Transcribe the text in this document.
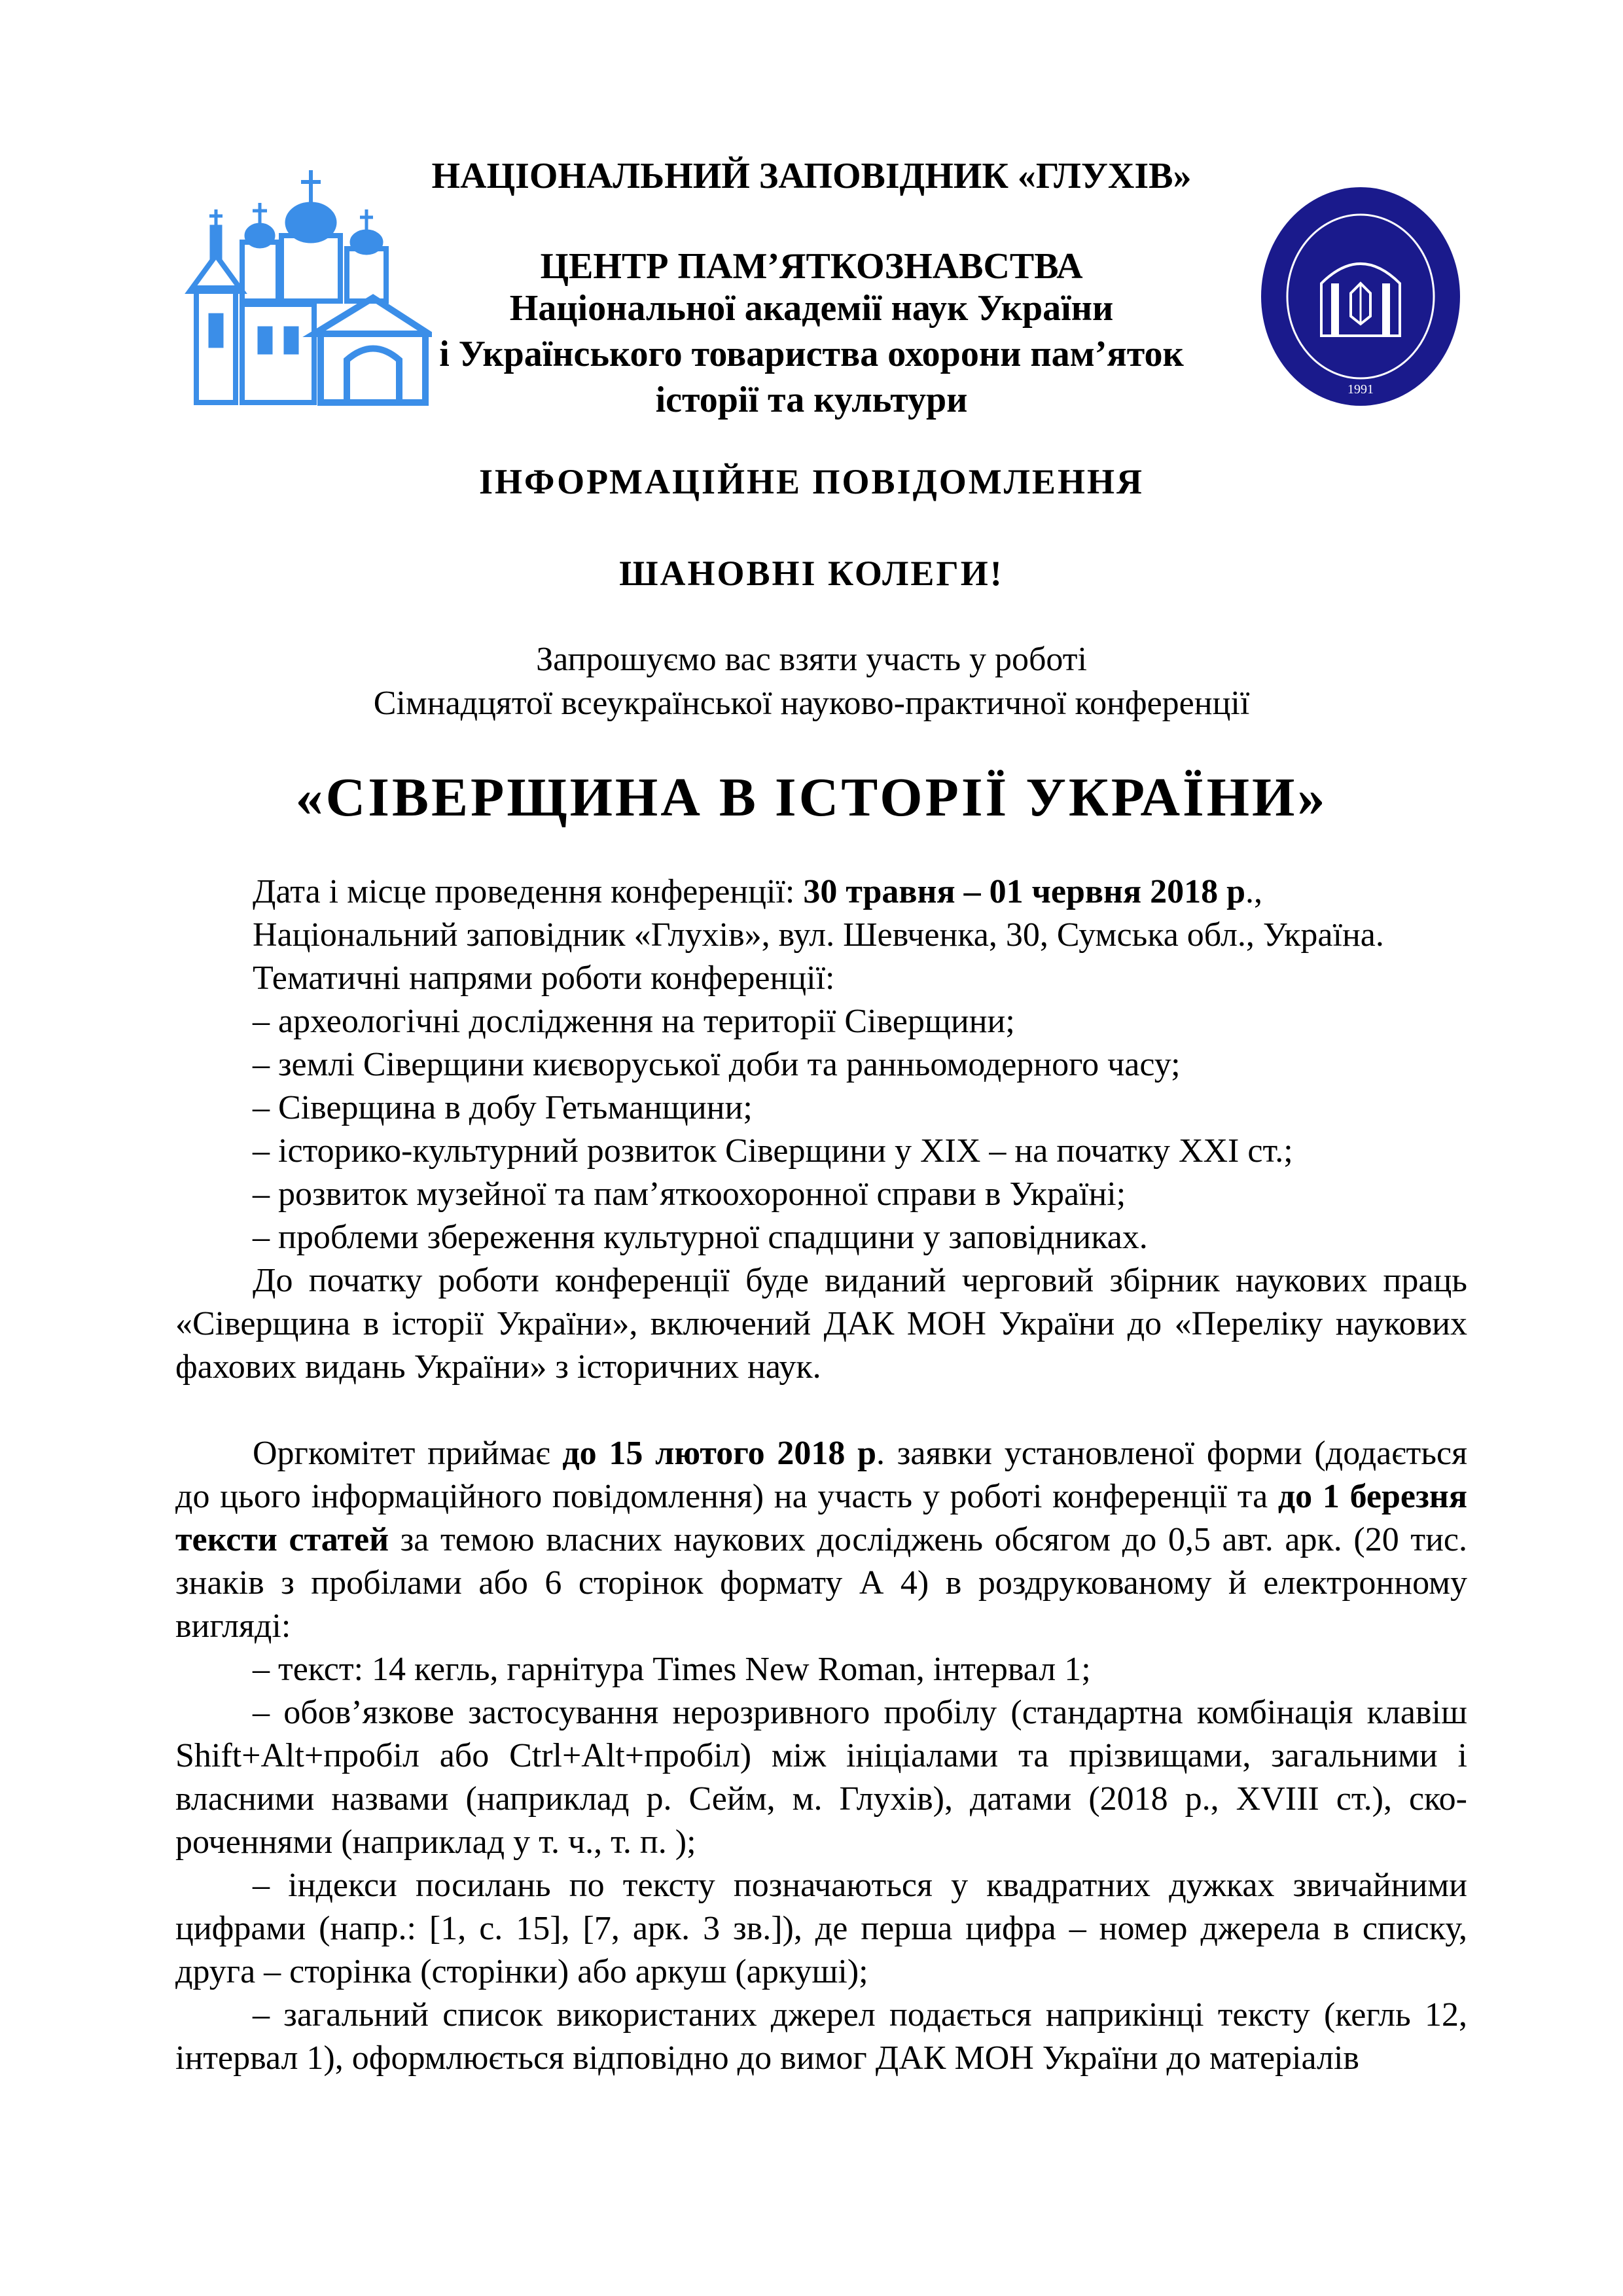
1991
НАЦІОНАЛЬНИЙ ЗАПОВІДНИК «ГЛУХІВ»
ЦЕНТР ПАМ’ЯТКОЗНАВСТВА
Національної академії наук України
і Українського товариства охорони пам’яток
історії та культури
ІНФОРМАЦІЙНЕ ПОВІДОМЛЕННЯ
ШАНОВНІ КОЛЕГИ!
Запрошуємо вас взяти участь у роботі
Сімнадцятої всеукраїнської науково-практичної конференції
«СІВЕРЩИНА В ІСТОРІЇ УКРАЇНИ»

Дата і місце проведення конференції: 30 травня – 01 червня 2018 р.,

Національний заповідник «Глухів», вул. Шевченка, 30, Сумська обл., Україна.

Тематичні напрями роботи конференції:

– археологічні дослідження на території Сіверщини;

– землі Сіверщини києворуської доби та ранньомодерного часу;

– Сіверщина в добу Гетьманщини;

– історико-культурний розвиток Сіверщини у ХІХ – на початку ХХІ ст.;

– розвиток музейної та пам’яткоохоронної справи в Україні;

– проблеми збереження культурної спадщини у заповідниках.

До початку роботи конференції буде виданий черговий збірник наукових праць «Сіверщина в історії України», включений ДАК МОН України до «Переліку наукових фахових видань України» з історичних наук.

Оргкомітет приймає до 15 лютого 2018 р. заявки установленої форми (додається до цього інформаційного повідомлення) на участь у роботі конференції та до 1 березня тексти статей за темою власних наукових досліджень обсягом до 0,5 авт. арк. (20 тис. знаків з пробілами або 6 сторінок формату А 4) в роздрукованому й електронному вигляді:

– текст: 14 кегль, гарнітура Times New Roman, інтервал 1;

– обов’язкове застосування нерозривного пробілу (стандартна комбінація клавіш Shift+Alt+пробіл або Ctrl+Alt+пробіл) між ініціалами та прізвищами, загальними і власними назвами (наприклад р. Сейм, м. Глухів), датами (2018 р., XVIII ст.), скороченнями (наприклад у т. ч., т. п. );

– індекси посилань по тексту позначаються у квадратних дужках звичайними цифрами (напр.: [1, с. 15], [7, арк. 3 зв.]), де перша цифра – номер джерела в списку, друга – сторінка (сторінки) або аркуш (аркуші);

– загальний список використаних джерел подається наприкінці тексту (кегль 12, інтервал 1), оформлюється відповідно до вимог ДАК МОН України до матеріалів
